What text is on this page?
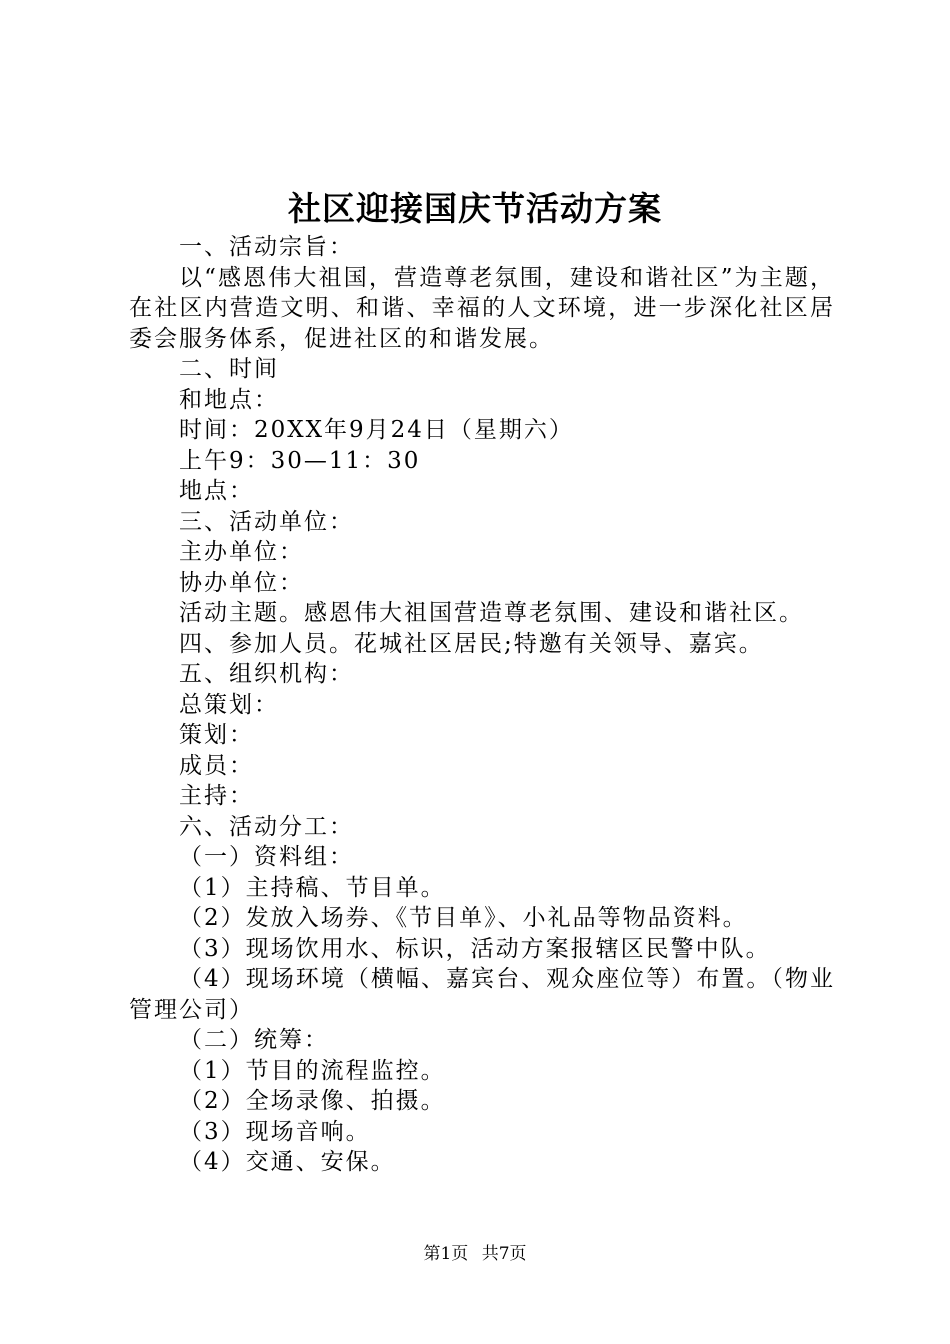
社区迎接国庆节活动方案
一、活动宗旨：
以“感恩伟大祖国，营造尊老氛围，建设和谐社区”为主题，在社区内营造文明、和谐、幸福的人文环境，进一步深化社区居委会服务体系，促进社区的和谐发展。
二、时间
和地点：
时间：20XX年9月24日（星期六）
上午9：30—11：30
地点：
三、活动单位：
主办单位：
协办单位：
活动主题。感恩伟大祖国营造尊老氛围、建设和谐社区。
四、参加人员。花城社区居民;特邀有关领导、嘉宾。
五、组织机构：
总策划：
策划：
成员：
主持：
六、活动分工：
（一）资料组：
（1）主持稿、节目单。
（2）发放入场券、《节目单》、小礼品等物品资料。
（3）现场饮用水、标识，活动方案报辖区民警中队。
（4）现场环境（横幅、嘉宾台、观众座位等）布置。（物业管理公司）
（二）统筹：
（1）节目的流程监控。
（2）全场录像、拍摄。
（3）现场音响。
（4）交通、安保。
第1页 共7页
